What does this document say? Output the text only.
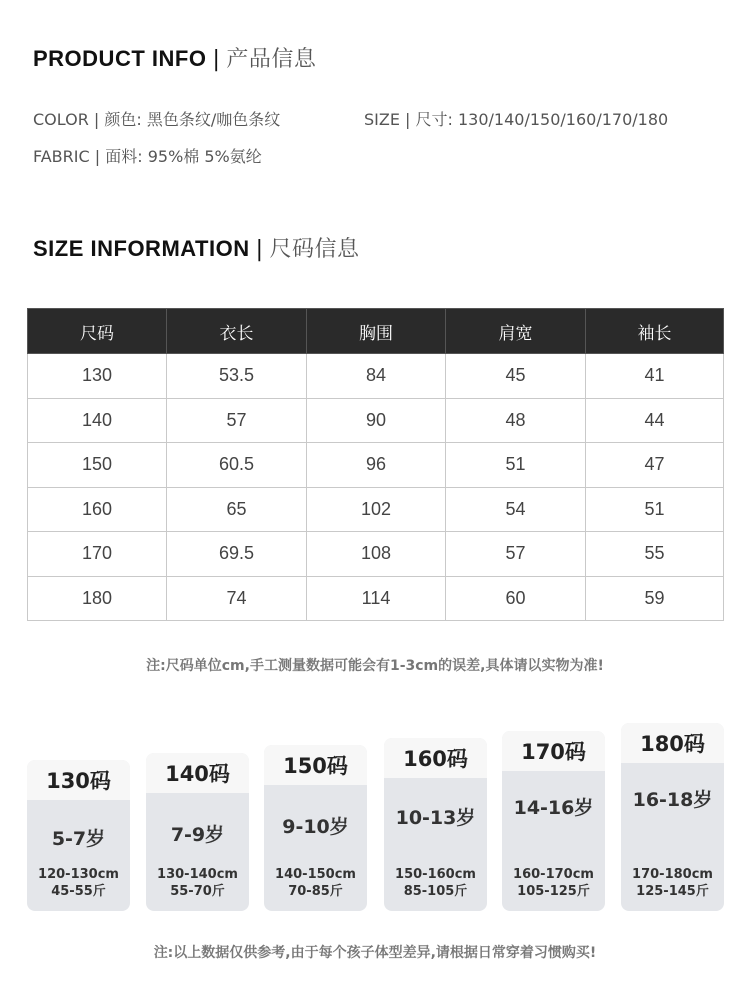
PRODUCT INFO | 产品信息
COLOR | 颜色: 黑色条纹/咖色条纹	SIZE | 尺寸: 130/140/150/160/170/180
FABRIC | 面料: 95%棉 5%氨纶
SIZE INFORMATION | 尺码信息
尺码	衣长	胸围	肩宽	袖长
130	53.5	84	45	41
140	57	90	48	44
150	60.5	96	51	47
160	65	102	54	51
170	69.5	108	57	55
180	74	114	60	59
注:尺码单位cm,手工测量数据可能会有1-3cm的误差,具体请以实物为准!
130码
5-7岁
120-130cm
45-55斤
140码
7-9岁
130-140cm
55-70斤
150码
9-10岁
140-150cm
70-85斤
160码
10-13岁
150-160cm
85-105斤
170码
14-16岁
160-170cm
105-125斤
180码
16-18岁
170-180cm
125-145斤
注:以上数据仅供参考,由于每个孩子体型差异,请根据日常穿着习惯购买!
